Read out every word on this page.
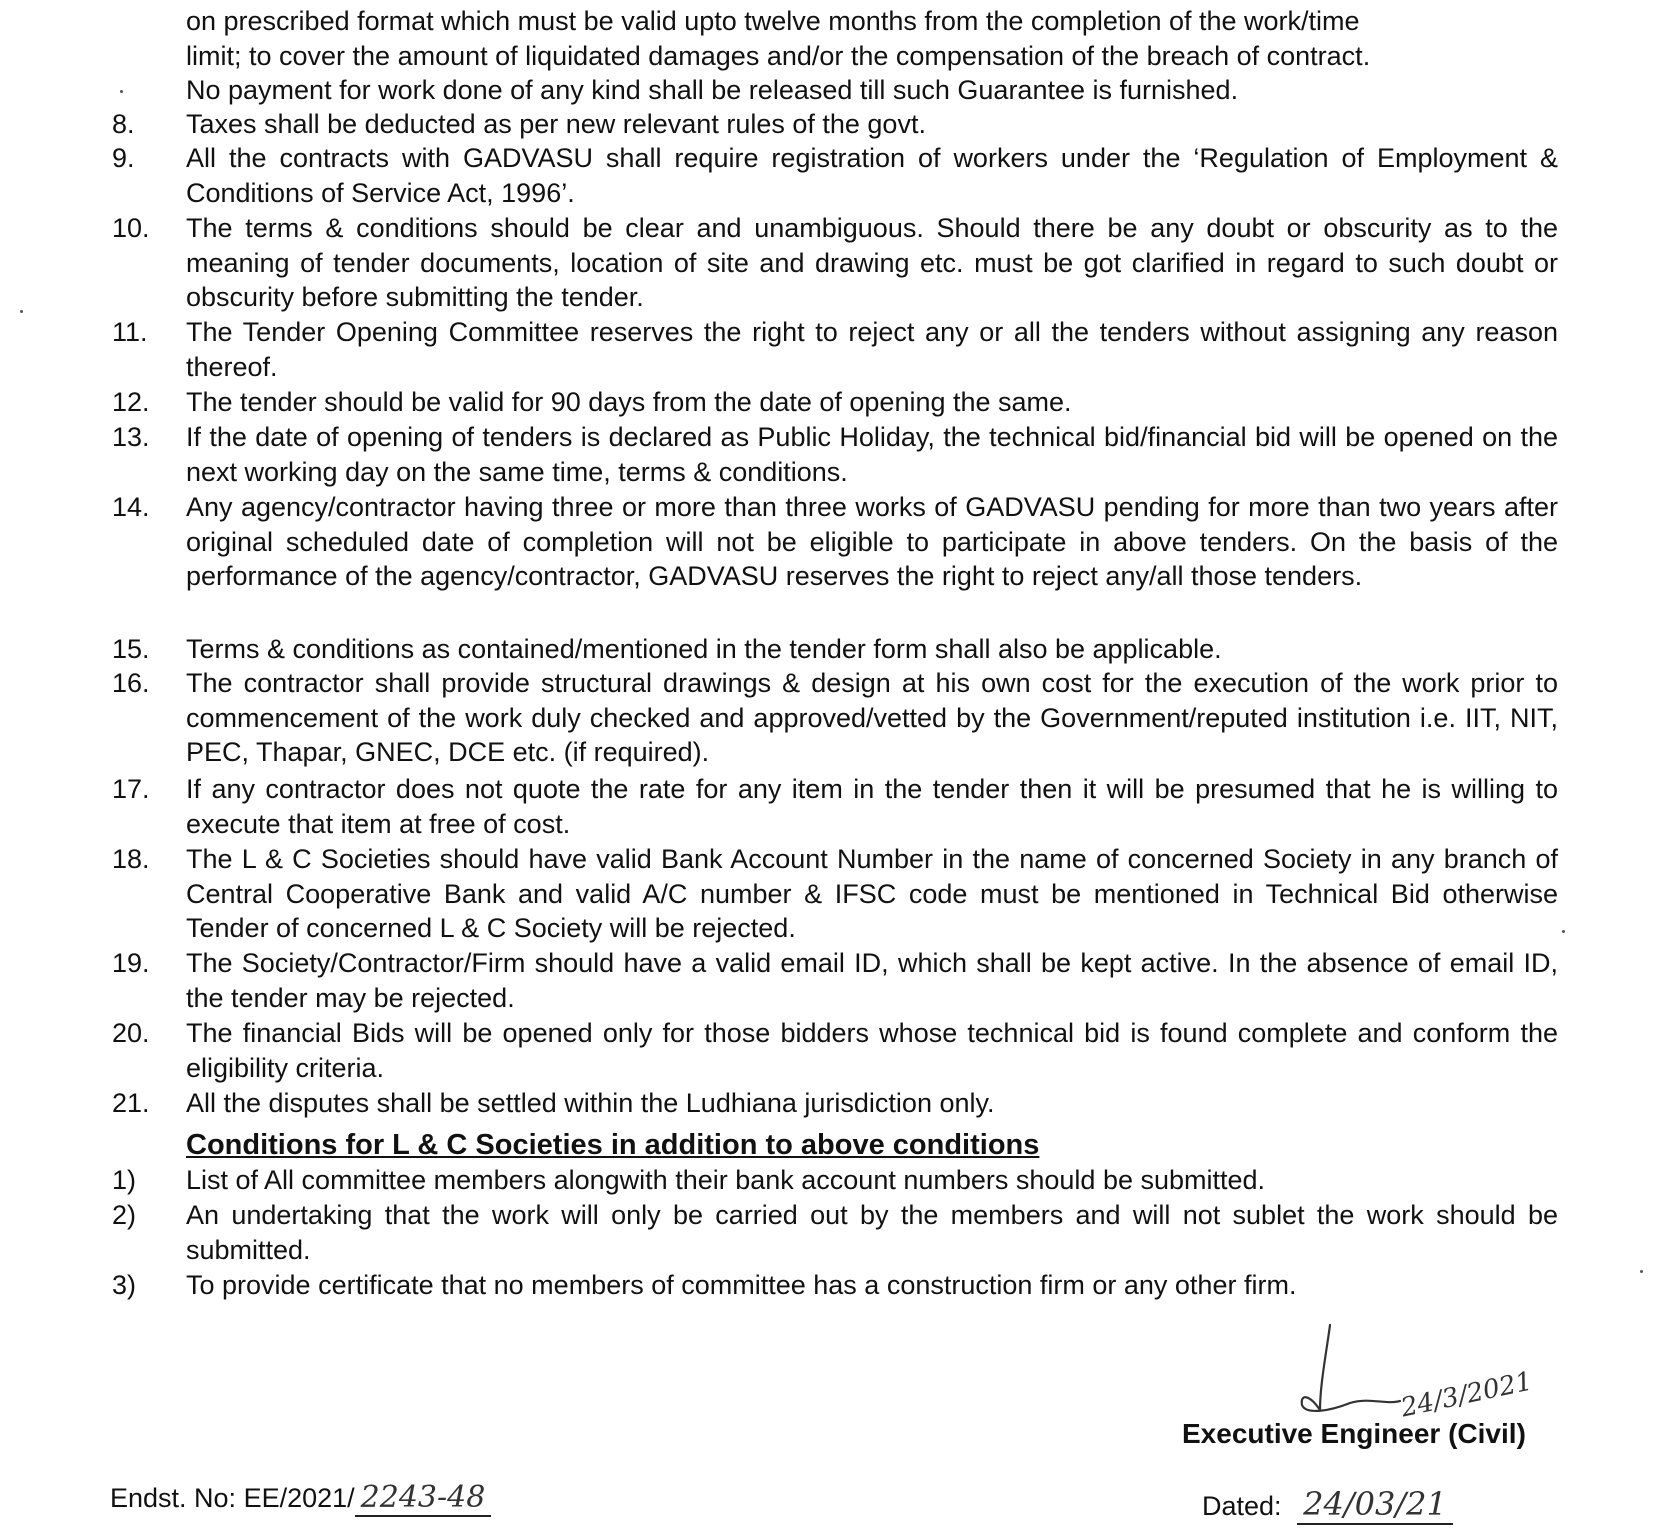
on prescribed format which must be valid upto twelve months from the completion of the work/time
limit; to cover the amount of liquidated damages and/or the compensation of the breach of contract.
No payment for work done of any kind shall be released till such Guarantee is furnished.
8. Taxes shall be deducted as per new relevant rules of the govt.
9. All the contracts with GADVASU shall require registration of workers under the ‘Regulation of Employment & Conditions of Service Act, 1996’.
10. The terms & conditions should be clear and unambiguous. Should there be any doubt or obscurity as to the meaning of tender documents, location of site and drawing etc. must be got clarified in regard to such doubt or obscurity before submitting the tender.
11. The Tender Opening Committee reserves the right to reject any or all the tenders without assigning any reason thereof.
12. The tender should be valid for 90 days from the date of opening the same.
13. If the date of opening of tenders is declared as Public Holiday, the technical bid/financial bid will be opened on the next working day on the same time, terms & conditions.
14. Any agency/contractor having three or more than three works of GADVASU pending for more than two years after original scheduled date of completion will not be eligible to participate in above tenders. On the basis of the performance of the agency/contractor, GADVASU reserves the right to reject any/all those tenders.
15. Terms & conditions as contained/mentioned in the tender form shall also be applicable.
16. The contractor shall provide structural drawings & design at his own cost for the execution of the work prior to commencement of the work duly checked and approved/vetted by the Government/reputed institution i.e. IIT, NIT, PEC, Thapar, GNEC, DCE etc. (if required).
17. If any contractor does not quote the rate for any item in the tender then it will be presumed that he is willing to execute that item at free of cost.
18. The L & C Societies should have valid Bank Account Number in the name of concerned Society in any branch of Central Cooperative Bank and valid A/C number & IFSC code must be mentioned in Technical Bid otherwise Tender of concerned L & C Society will be rejected.
19. The Society/Contractor/Firm should have a valid email ID, which shall be kept active. In the absence of email ID, the tender may be rejected.
20. The financial Bids will be opened only for those bidders whose technical bid is found complete and conform the eligibility criteria.
21. All the disputes shall be settled within the Ludhiana jurisdiction only.
Conditions for L & C Societies in addition to above conditions
1) List of All committee members alongwith their bank account numbers should be submitted.
2) An undertaking that the work will only be carried out by the members and will not sublet the work should be submitted.
3) To provide certificate that no members of committee has a construction firm or any other firm.
24/3/2021
Executive Engineer (Civil)
Endst. No: EE/2021/ 2243-48	Dated: 24/03/21
